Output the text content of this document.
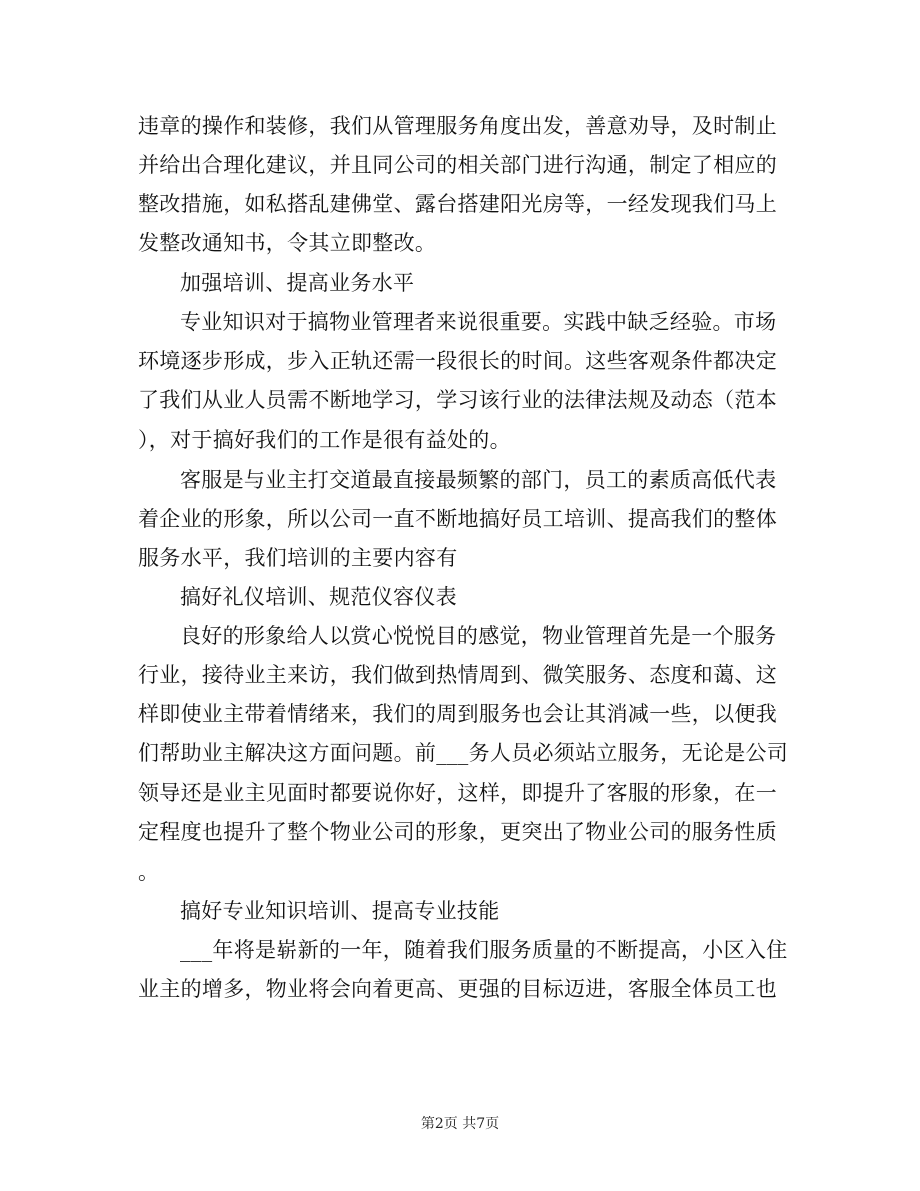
违章的操作和装修，我们从管理服务角度出发，善意劝导，及时制止
并给出合理化建议，并且同公司的相关部门进行沟通，制定了相应的
整改措施，如私搭乱建佛堂、露台搭建阳光房等，一经发现我们马上
发整改通知书，令其立即整改。
加强培训、提高业务水平
专业知识对于搞物业管理者来说很重要。实践中缺乏经验。市场
环境逐步形成，步入正轨还需一段很长的时间。这些客观条件都决定
了我们从业人员需不断地学习，学习该行业的法律法规及动态（范本
），对于搞好我们的工作是很有益处的。
客服是与业主打交道最直接最频繁的部门，员工的素质高低代表
着企业的形象，所以公司一直不断地搞好员工培训、提高我们的整体
服务水平，我们培训的主要内容有
搞好礼仪培训、规范仪容仪表
良好的形象给人以赏心悦悦目的感觉，物业管理首先是一个服务
行业，接待业主来访，我们做到热情周到、微笑服务、态度和蔼、这
样即使业主带着情绪来，我们的周到服务也会让其消减一些，以便我
们帮助业主解决这方面问题。前___务人员必须站立服务，无论是公司
领导还是业主见面时都要说你好，这样，即提升了客服的形象，在一
定程度也提升了整个物业公司的形象，更突出了物业公司的服务性质
。
搞好专业知识培训、提高专业技能
___年将是崭新的一年，随着我们服务质量的不断提高，小区入住
业主的增多，物业将会向着更高、更强的目标迈进，客服全体员工也
第2页 共7页
